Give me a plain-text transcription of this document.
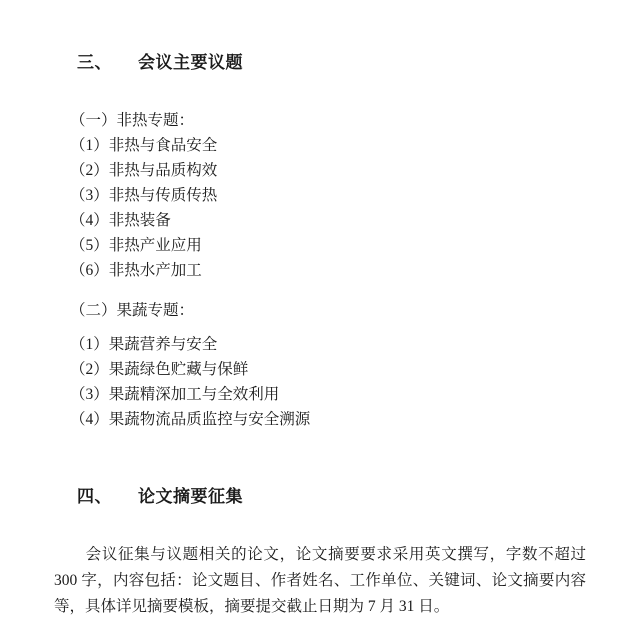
三、 会议主要议题

（一）非热专题：
（1）非热与食品安全
（2）非热与品质构效
（3）非热与传质传热
（4）非热装备
（5）非热产业应用
（6）非热水产加工
（二）果蔬专题：
（1）果蔬营养与安全
（2）果蔬绿色贮藏与保鲜
（3）果蔬精深加工与全效利用
（4）果蔬物流品质监控与安全溯源

四、 论文摘要征集

会议征集与议题相关的论文，论文摘要要求采用英文撰写，字数不超过 300 字，内容包括：论文题目、作者姓名、工作单位、关键词、论文摘要内容等，具体详见摘要模板，摘要提交截止日期为 7 月 31 日。
